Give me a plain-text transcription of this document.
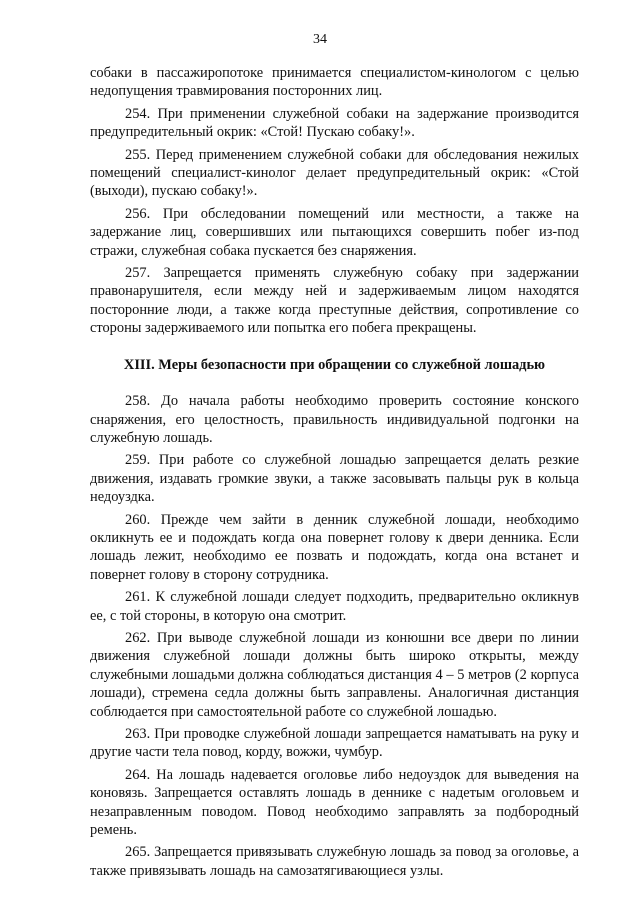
34

собаки в пассажиропотоке принимается специалистом-кинологом с целью недопущения травмирования посторонних лиц.

254. При применении служебной собаки на задержание производится предупредительный окрик: «Стой! Пускаю собаку!».

255. Перед применением служебной собаки для обследования нежилых помещений специалист-кинолог делает предупредительный окрик: «Стой (выходи), пускаю собаку!».

256. При обследовании помещений или местности, а также на задержание лиц, совершивших или пытающихся совершить побег из-под стражи, служебная собака пускается без снаряжения.

257. Запрещается применять служебную собаку при задержании правонарушителя, если между ней и задерживаемым лицом находятся посторонние люди, а также когда преступные действия, сопротивление со стороны задерживаемого или попытка его побега прекращены.

XIII. Меры безопасности при обращении со служебной лошадью

258. До начала работы необходимо проверить состояние конского снаряжения, его целостность, правильность индивидуальной подгонки на служебную лошадь.

259. При работе со служебной лошадью запрещается делать резкие движения, издавать громкие звуки, а также засовывать пальцы рук в кольца недоуздка.

260. Прежде чем зайти в денник служебной лошади, необходимо окликнуть ее и подождать когда она повернет голову к двери денника. Если лошадь лежит, необходимо ее позвать и подождать, когда она встанет и повернет голову в сторону сотрудника.

261. К служебной лошади следует подходить, предварительно окликнув ее, с той стороны, в которую она смотрит.

262. При выводе служебной лошади из конюшни все двери по линии движения служебной лошади должны быть широко открыты, между служебными лошадьми должна соблюдаться дистанция 4 – 5 метров (2 корпуса лошади), стремена седла должны быть заправлены. Аналогичная дистанция соблюдается при самостоятельной работе со служебной лошадью.

263. При проводке служебной лошади запрещается наматывать на руку и другие части тела повод, корду, вожжи, чумбур.

264. На лошадь надевается оголовье либо недоуздок для выведения на коновязь. Запрещается оставлять лошадь в деннике с надетым оголовьем и незаправленным поводом. Повод необходимо заправлять за подбородный ремень.

265. Запрещается привязывать служебную лошадь за повод за оголовье, а также привязывать лошадь на самозатягивающиеся узлы.
